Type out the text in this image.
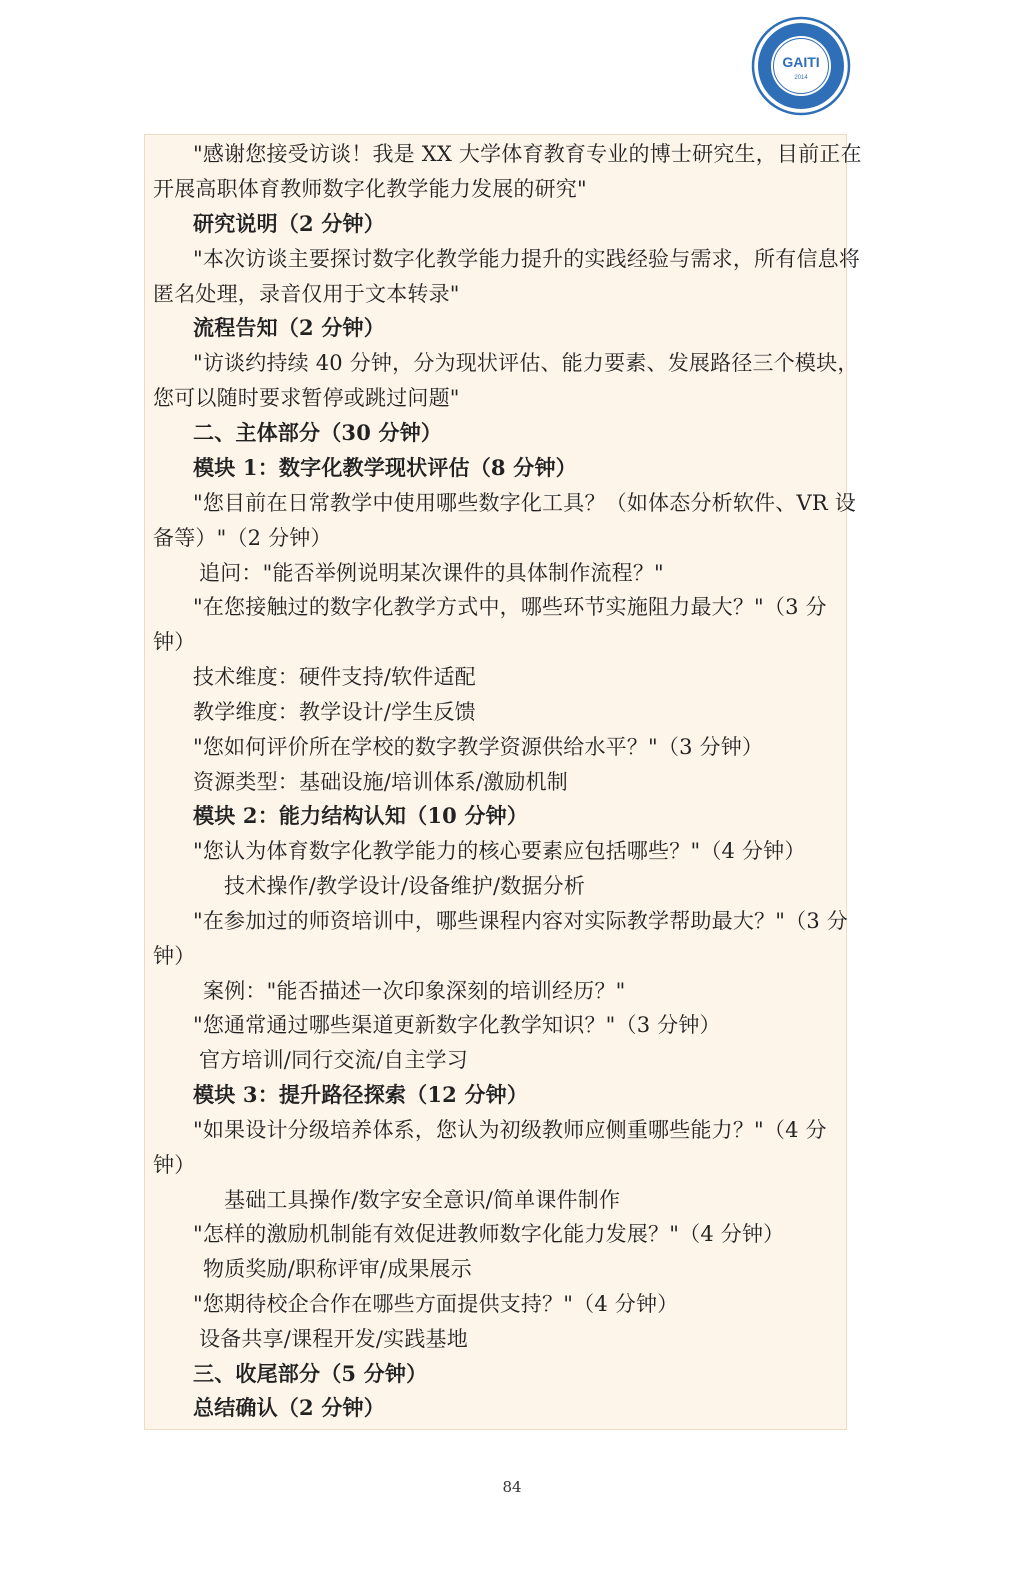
GAITI
2014
"感谢您接受访谈！我是 XX 大学体育教育专业的博士研究生，目前正在
开展高职体育教师数字化教学能力发展的研究"
研究说明（2 分钟）
"本次访谈主要探讨数字化教学能力提升的实践经验与需求，所有信息将
匿名处理，录音仅用于文本转录"
流程告知（2 分钟）
"访谈约持续 40 分钟，分为现状评估、能力要素、发展路径三个模块，
您可以随时要求暂停或跳过问题"
二、主体部分（30 分钟）
模块 1：数字化教学现状评估（8 分钟）
"您目前在日常教学中使用哪些数字化工具？（如体态分析软件、VR 设
备等）"（2 分钟）
追问："能否举例说明某次课件的具体制作流程？"
"在您接触过的数字化教学方式中，哪些环节实施阻力最大？"（3 分
钟）
技术维度：硬件支持/软件适配
教学维度：教学设计/学生反馈
"您如何评价所在学校的数字教学资源供给水平？"（3 分钟）
资源类型：基础设施/培训体系/激励机制
模块 2：能力结构认知（10 分钟）
"您认为体育数字化教学能力的核心要素应包括哪些？"（4 分钟）
技术操作/教学设计/设备维护/数据分析
"在参加过的师资培训中，哪些课程内容对实际教学帮助最大？"（3 分
钟）
案例："能否描述一次印象深刻的培训经历？"
"您通常通过哪些渠道更新数字化教学知识？"（3 分钟）
官方培训/同行交流/自主学习
模块 3：提升路径探索（12 分钟）
"如果设计分级培养体系，您认为初级教师应侧重哪些能力？"（4 分
钟）
基础工具操作/数字安全意识/简单课件制作
"怎样的激励机制能有效促进教师数字化能力发展？"（4 分钟）
物质奖励/职称评审/成果展示
"您期待校企合作在哪些方面提供支持？"（4 分钟）
设备共享/课程开发/实践基地
三、收尾部分（5 分钟）
总结确认（2 分钟）
84
